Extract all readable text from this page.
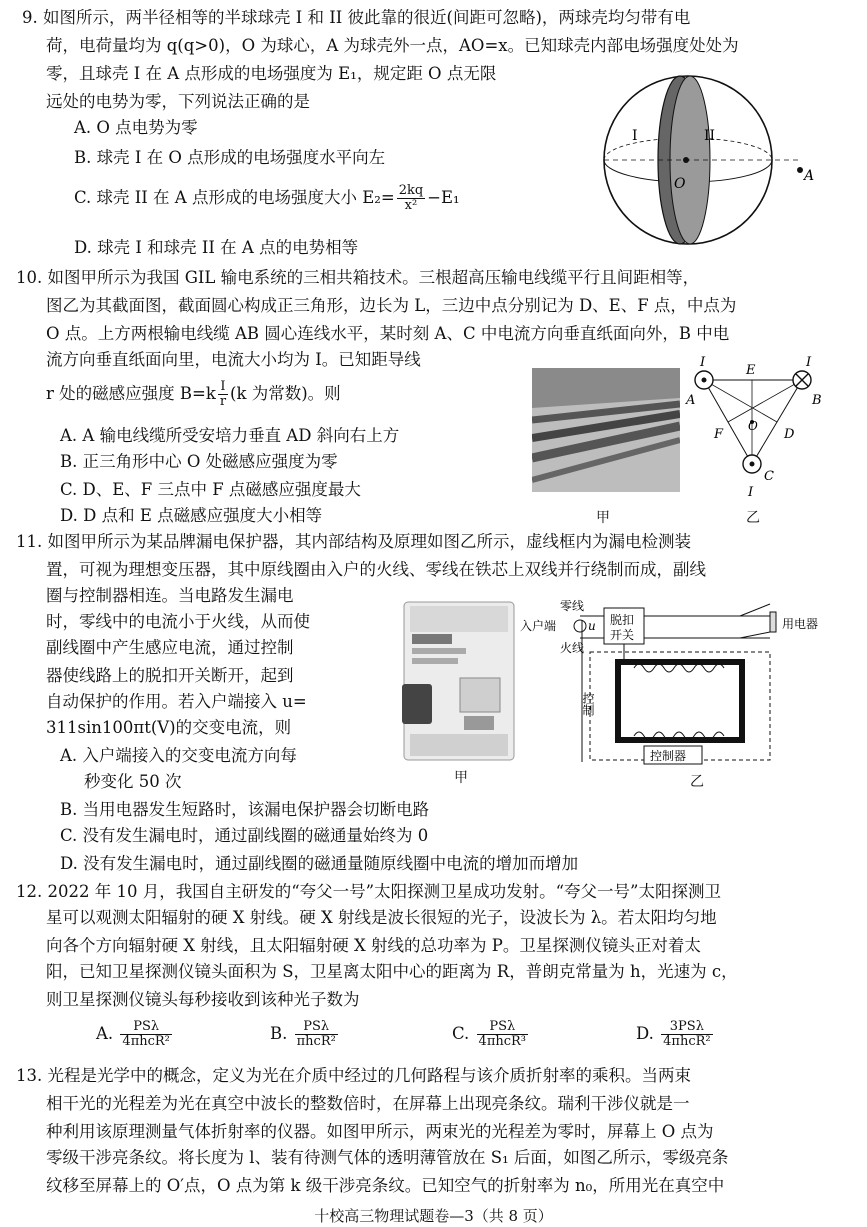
9. 如图所示，两半径相等的半球球壳 I 和 II 彼此靠的很近(间距可忽略)，两球壳均匀带有电
荷，电荷量均为 q(q>0)，O 为球心，A 为球壳外一点，AO=x。已知球壳内部电场强度处处为
零，且球壳 I 在 A 点形成的电场强度为 E₁，规定距 O 点无限
远处的电势为零，下列说法正确的是
A. O 点电势为零
B. 球壳 I 在 O 点形成的电场强度水平向左
C. 球壳 II 在 A 点形成的电场强度大小 $E_2= \frac{2kq}{\text{x²}} -E_1$
D. 球壳 I 和球壳 II 在 A 点的电势相等
I	II
O	A
10. 如图甲所示为我国 GIL 输电系统的三相共箱技术。三根超高压输电线缆平行且间距相等，
图乙为其截面图，截面圆心构成正三角形，边长为 L，三边中点分别记为 D、E、F 点，中点为
O 点。上方两根输电线缆 AB 圆心连线水平，某时刻 A、C 中电流方向垂直纸面向外，B 中电
流方向垂直纸面向里，电流大小均为 I。已知距导线
r 处的磁感应强度 $B=k \frac{I}{r} (k$ 为常数)。则
A. A 输电线缆所受安培力垂直 AD 斜向右上方
B. 正三角形中心 O 处磁感应强度为零
C. D、E、F 三点中 F 点磁感应强度最大
D. D 点和 E 点磁感应强度大小相等	甲
I	I
I
A	B
C
D
E
F
O
乙
11. 如图甲所示为某品牌漏电保护器，其内部结构及原理如图乙所示，虚线框内为漏电检测装
置，可视为理想变压器，其中原线圈由入户的火线、零线在铁芯上双线并行绕制而成，副线
圈与控制器相连。当电路发生漏电
时，零线中的电流小于火线，从而使
副线圈中产生感应电流，通过控制
器使线路上的脱扣开关断开，起到
自动保护的作用。若入户端接入 u=
311sin100πt(V)的交变电流，则
A. 入户端接入的交变电流方向每
秒变化 50 次
B. 当用电器发生短路时，该漏电保护器会切断电路
C. 没有发生漏电时，通过副线圈的磁通量始终为 0
D. 没有发生漏电时，通过副线圈的磁通量随原线圈中电流的增加而增加
甲
零线
入户端	u
火线
脱扣
开关
用电器
控制
控制器
乙
12. 2022 年 10 月，我国自主研发的“夸父一号”太阳探测卫星成功发射。“夸父一号”太阳探测卫
星可以观测太阳辐射的硬 X 射线。硬 X 射线是波长很短的光子，设波长为 λ。若太阳均匀地
向各个方向辐射硬 X 射线，且太阳辐射硬 X 射线的总功率为 P。卫星探测仪镜头正对着太
阳，已知卫星探测仪镜头面积为 S，卫星离太阳中心的距离为 R，普朗克常量为 h，光速为 c，
则卫星探测仪镜头每秒接收到该种光子数为
A. $\frac{\text{PSλ}}{\text{4πhcR²}}$	B. $\frac{\text{PSλ}}{\text{πhcR²}}$	C. $\frac{\text{PSλ}}{\text{4πhcR³}}$	D. $\frac{\text{3PSλ}}{\text{4πhcR²}}$
13. 光程是光学中的概念，定义为光在介质中经过的几何路程与该介质折射率的乘积。当两束
相干光的光程差为光在真空中波长的整数倍时，在屏幕上出现亮条纹。瑞利干涉仪就是一
种利用该原理测量气体折射率的仪器。如图甲所示，两束光的光程差为零时，屏幕上 O 点为
零级干涉亮条纹。将长度为 l、装有待测气体的透明薄管放在 S₁ 后面，如图乙所示，零级亮条
纹移至屏幕上的 O′点，O 点为第 k 级干涉亮条纹。已知空气的折射率为 n₀，所用光在真空中
十校高三物理试题卷—3（共 8 页）
